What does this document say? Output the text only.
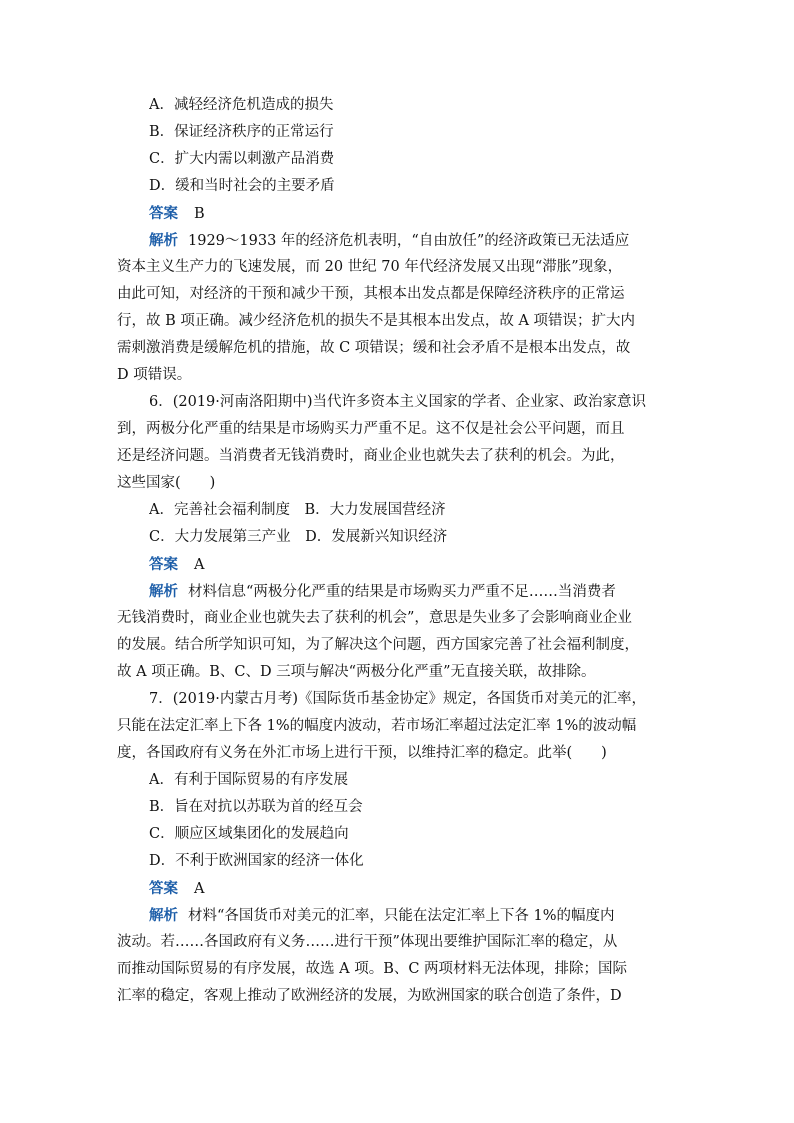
A．减轻经济危机造成的损失
B．保证经济秩序的正常运行
C．扩大内需以刺激产品消费
D．缓和当时社会的主要矛盾
答案 B
解析 1929～1933 年的经济危机表明，“自由放任”的经济政策已无法适应
资本主义生产力的飞速发展，而 20 世纪 70 年代经济发展又出现“滞胀”现象，
由此可知，对经济的干预和减少干预，其根本出发点都是保障经济秩序的正常运
行，故 B 项正确。减少经济危机的损失不是其根本出发点，故 A 项错误；扩大内
需刺激消费是缓解危机的措施，故 C 项错误；缓和社会矛盾不是根本出发点，故
D 项错误。
6．(2019·河南洛阳期中)当代许多资本主义国家的学者、企业家、政治家意识
到，两极分化严重的结果是市场购买力严重不足。这不仅是社会公平问题，而且
还是经济问题。当消费者无钱消费时，商业企业也就失去了获利的机会。为此，
这些国家(　　)
A．完善社会福利制度　B．大力发展国营经济
C．大力发展第三产业　D．发展新兴知识经济
答案 A
解析 材料信息“两极分化严重的结果是市场购买力严重不足……当消费者
无钱消费时，商业企业也就失去了获利的机会”，意思是失业多了会影响商业企业
的发展。结合所学知识可知，为了解决这个问题，西方国家完善了社会福利制度，
故 A 项正确。B、C、D 三项与解决“两极分化严重”无直接关联，故排除。
7．(2019·内蒙古月考)《国际货币基金协定》规定，各国货币对美元的汇率，
只能在法定汇率上下各 1%的幅度内波动，若市场汇率超过法定汇率 1%的波动幅
度，各国政府有义务在外汇市场上进行干预，以维持汇率的稳定。此举(　　)
A．有利于国际贸易的有序发展
B．旨在对抗以苏联为首的经互会
C．顺应区域集团化的发展趋向
D．不利于欧洲国家的经济一体化
答案 A
解析 材料“各国货币对美元的汇率，只能在法定汇率上下各 1%的幅度内
波动。若……各国政府有义务……进行干预”体现出要维护国际汇率的稳定，从
而推动国际贸易的有序发展，故选 A 项。B、C 两项材料无法体现，排除；国际
汇率的稳定，客观上推动了欧洲经济的发展，为欧洲国家的联合创造了条件，D
